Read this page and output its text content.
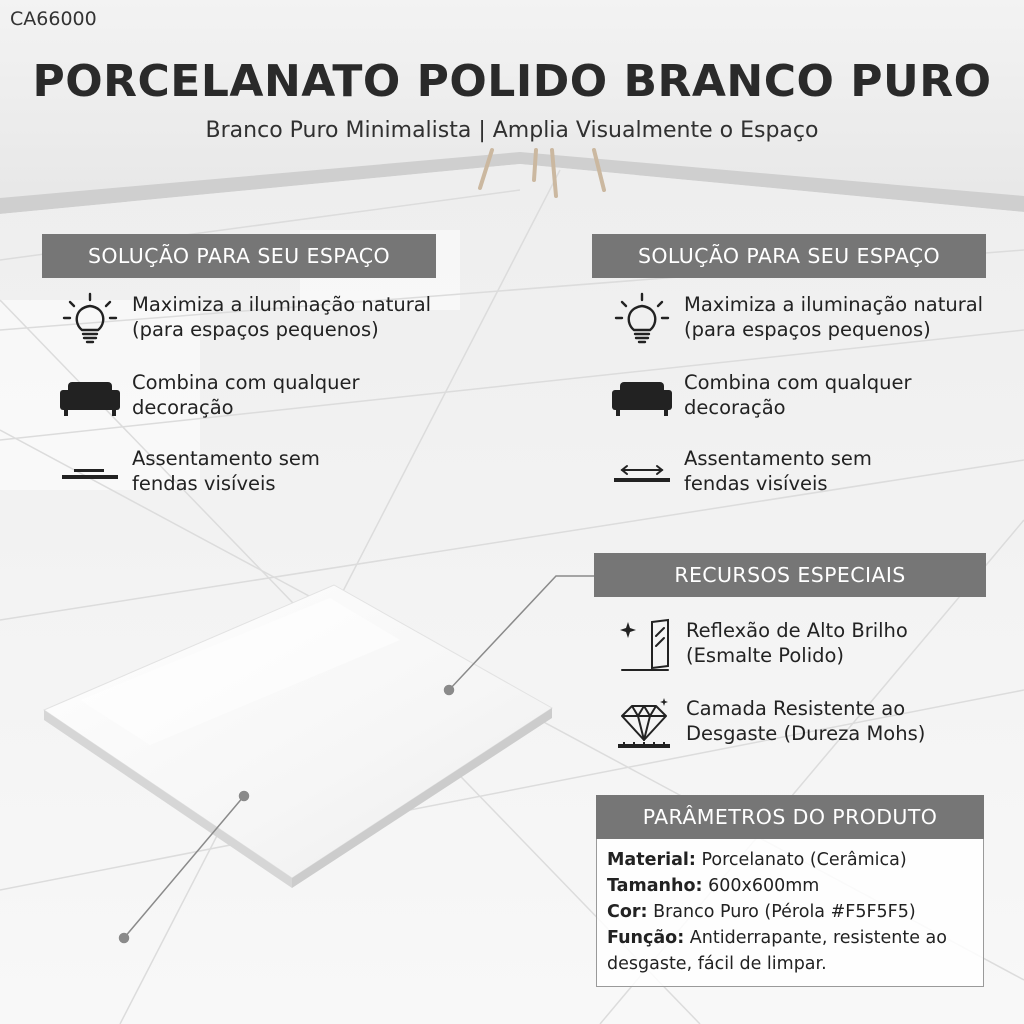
CA66000
PORCELANATO POLIDO BRANCO PURO
Branco Puro Minimalista | Amplia Visualmente o Espaço
SOLUÇÃO PARA SEU ESPAÇO
Maximiza a iluminação natural
(para espaços pequenos)
Combina com qualquer
decoração
Assentamento sem
fendas visíveis
SOLUÇÃO PARA SEU ESPAÇO
Maximiza a iluminação natural
(para espaços pequenos)
Combina com qualquer
decoração
Assentamento sem
fendas visíveis
RECURSOS ESPECIAIS
Reflexão de Alto Brilho
(Esmalte Polido)
Camada Resistente ao
Desgaste (Dureza Mohs)
PARÂMETROS DO PRODUTO
Material: Porcelanato (Cerâmica)
Tamanho: 600x600mm
Cor: Branco Puro (Pérola #F5F5F5)
Função: Antiderrapante, resistente ao desgaste, fácil de limpar.
